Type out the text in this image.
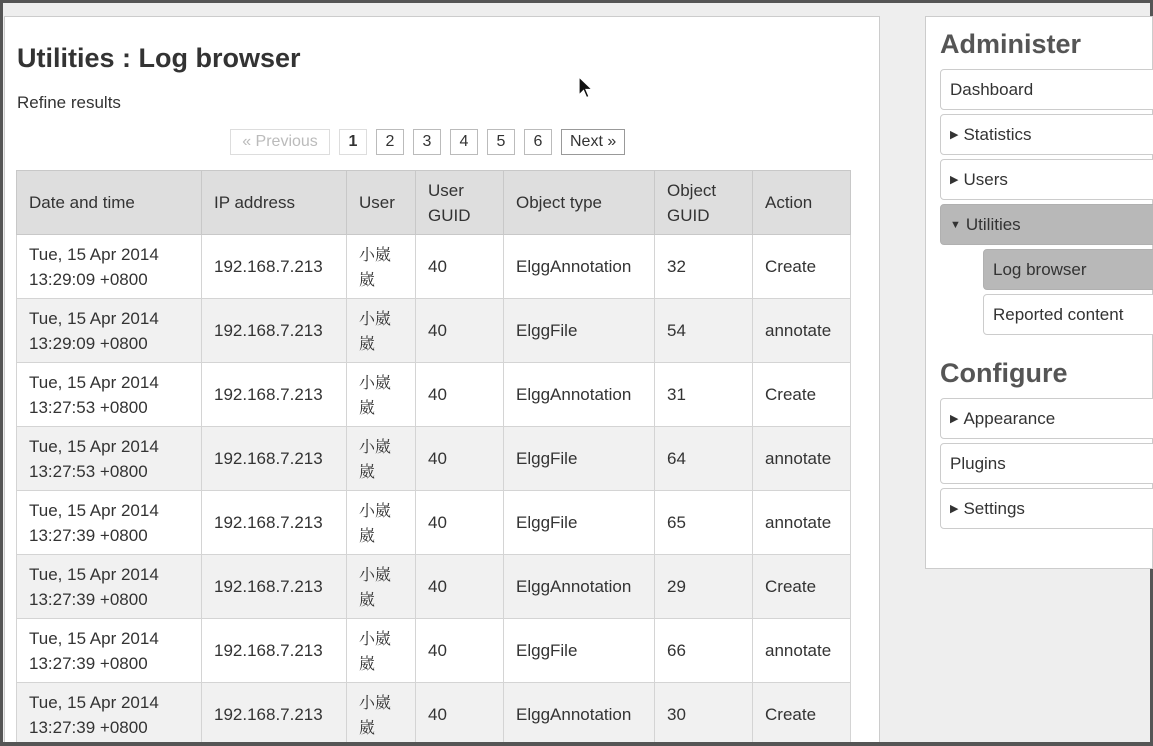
Utilities : Log browser
Refine results
« Previous	1	2	3	4	5	6	Next »
Date and time	IP address	User	User GUID	Object type	Object GUID	Action

Tue, 15 Apr 2014 13:29:09 +0800	192.168.7.213	小崴崴	40	ElggAnnotation	32	Create

Tue, 15 Apr 2014 13:29:09 +0800	192.168.7.213	小崴崴	40	ElggFile	54	annotate

Tue, 15 Apr 2014 13:27:53 +0800	192.168.7.213	小崴崴	40	ElggAnnotation	31	Create

Tue, 15 Apr 2014 13:27:53 +0800	192.168.7.213	小崴崴	40	ElggFile	64	annotate

Tue, 15 Apr 2014 13:27:39 +0800	192.168.7.213	小崴崴	40	ElggFile	65	annotate

Tue, 15 Apr 2014 13:27:39 +0800	192.168.7.213	小崴崴	40	ElggAnnotation	29	Create

Tue, 15 Apr 2014 13:27:39 +0800	192.168.7.213	小崴崴	40	ElggFile	66	annotate

Tue, 15 Apr 2014 13:27:39 +0800	192.168.7.213	小崴崴	40	ElggAnnotation	30	Create
Administer
Dashboard
▶ Statistics
▶ Users
▼ Utilities
Log browser
Reported content
Configure
▶ Appearance
Plugins
▶ Settings
